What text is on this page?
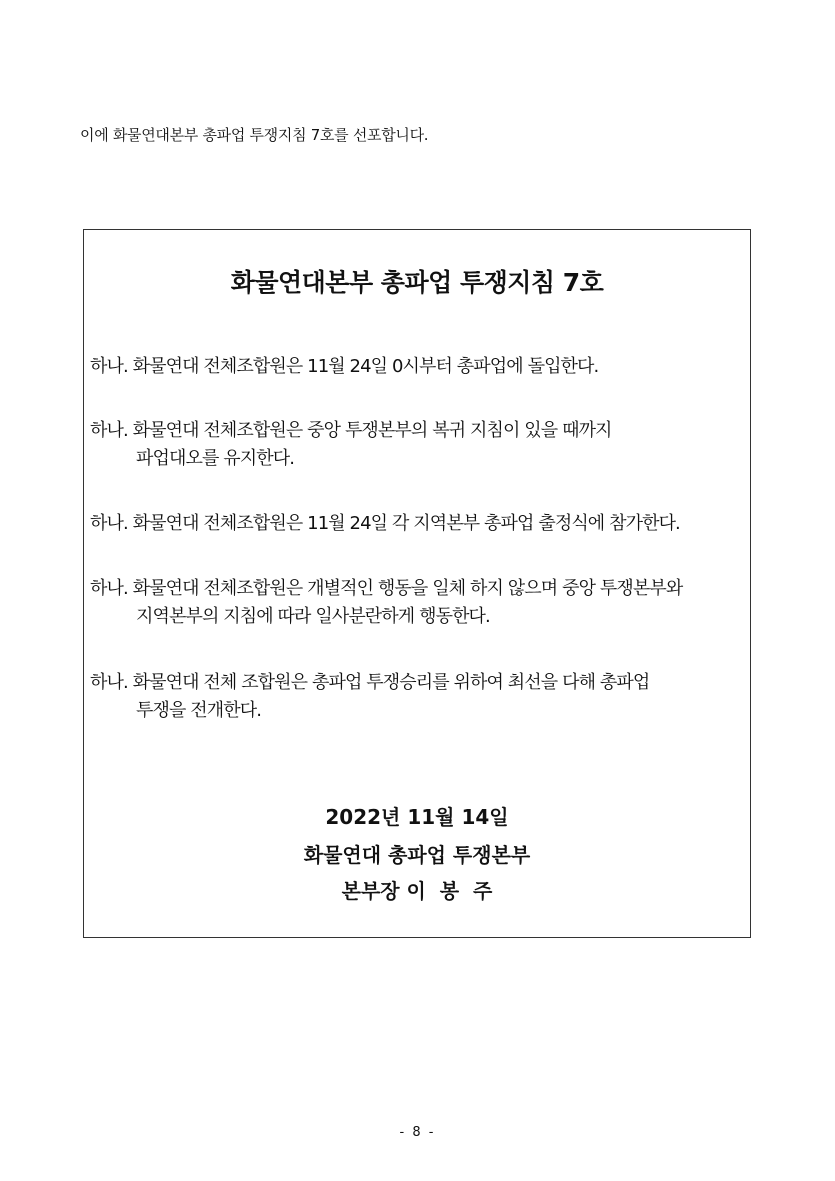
이에 화물연대본부 총파업 투쟁지침 7호를 선포합니다.
화물연대본부 총파업 투쟁지침 7호
하나. 화물연대 전체조합원은 11월 24일 0시부터 총파업에 돌입한다.
하나. 화물연대 전체조합원은 중앙 투쟁본부의 복귀 지침이 있을 때까지
파업대오를 유지한다.
하나. 화물연대 전체조합원은 11월 24일 각 지역본부 총파업 출정식에 참가한다.
하나. 화물연대 전체조합원은 개별적인 행동을 일체 하지 않으며 중앙 투쟁본부와
지역본부의 지침에 따라 일사분란하게 행동한다.
하나. 화물연대 전체 조합원은 총파업 투쟁승리를 위하여 최선을 다해 총파업
투쟁을 전개한다.
2022년 11월 14일
화물연대 총파업 투쟁본부
본부장 이  봉  주
- 8 -
